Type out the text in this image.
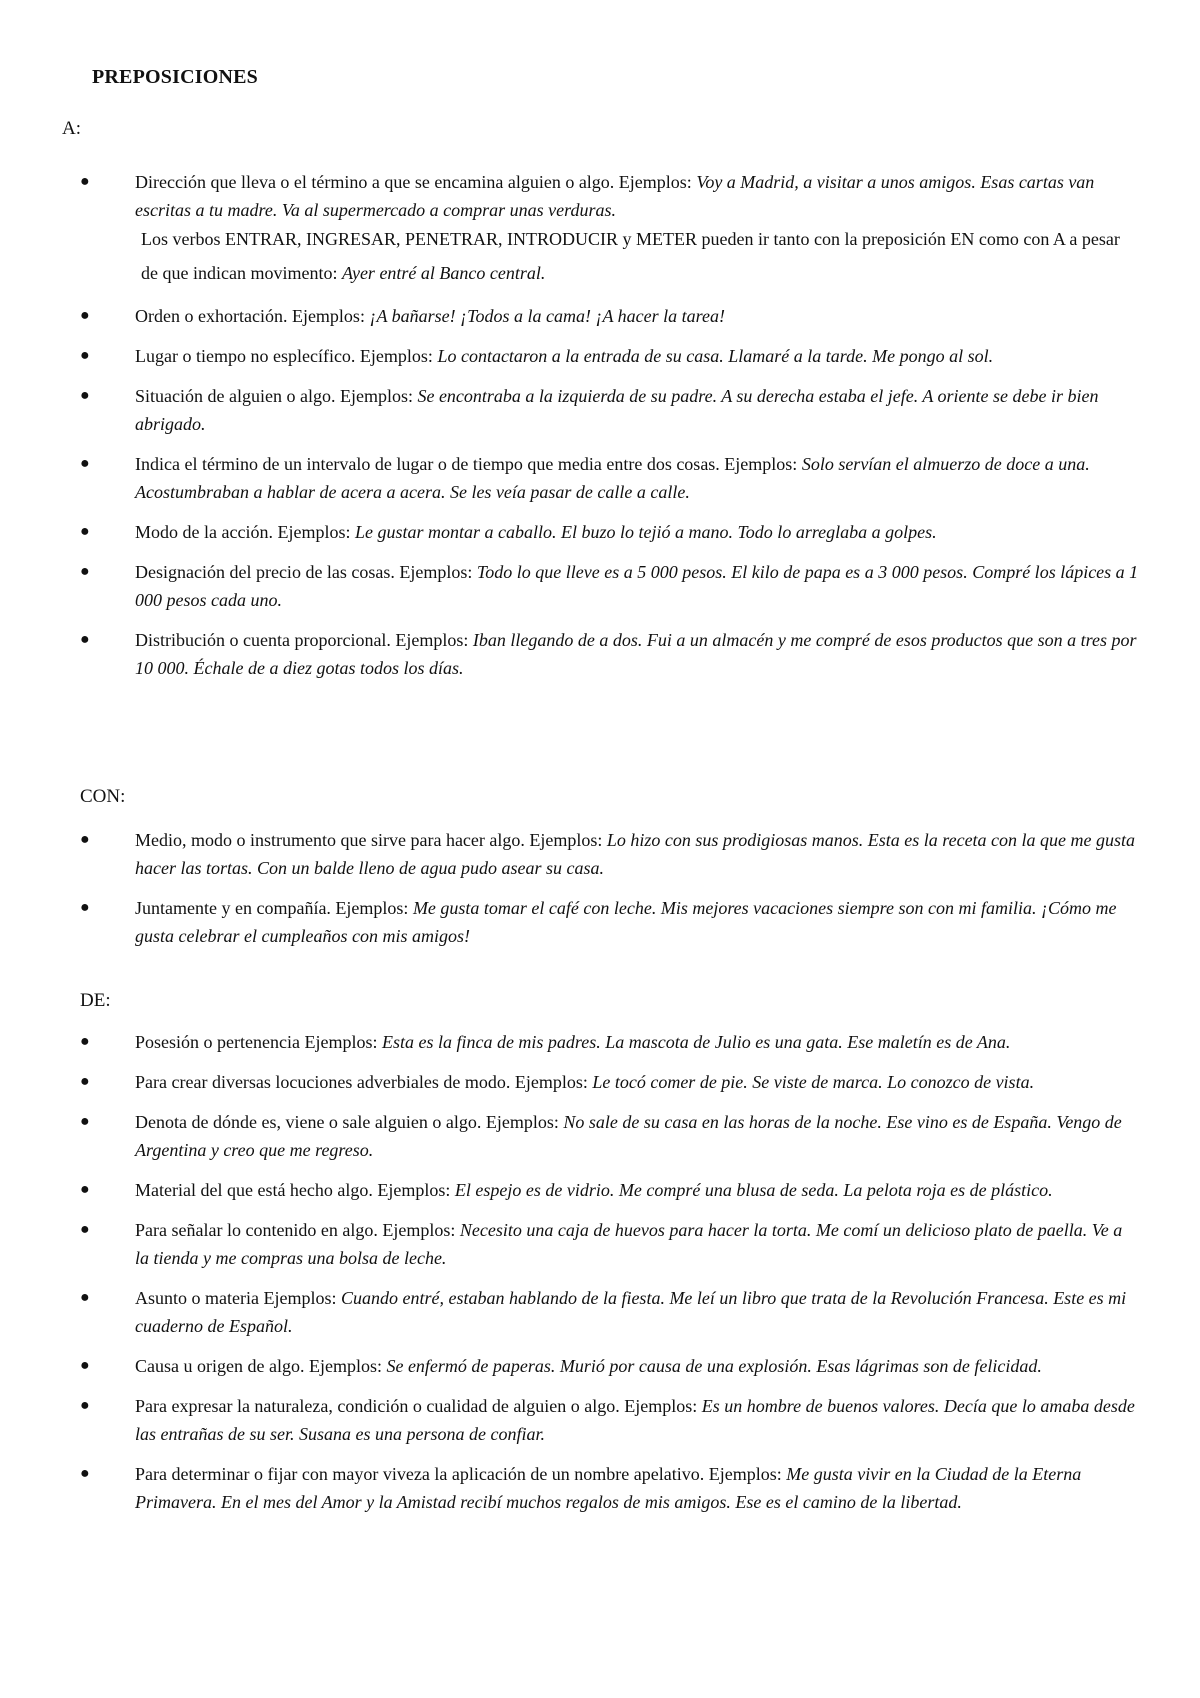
PREPOSICIONES
A:
●	Dirección que lleva o el término a que se encamina alguien o algo. Ejemplos: Voy a Madrid, a visitar a unos amigos. Esas cartas van escritas a tu madre. Va al supermercado a comprar unas verduras.
Los verbos ENTRAR, INGRESAR, PENETRAR, INTRODUCIR y METER pueden ir tanto con la preposición EN como con A a pesar de que indican movimento: Ayer entré al Banco central.
●	Orden o exhortación. Ejemplos: ¡A bañarse! ¡Todos a la cama! ¡A hacer la tarea!
●	Lugar o tiempo no esplecífico. Ejemplos: Lo contactaron a la entrada de su casa. Llamaré a la tarde. Me pongo al sol.
●	Situación de alguien o algo. Ejemplos: Se encontraba a la izquierda de su padre. A su derecha estaba el jefe. A oriente se debe ir bien abrigado.
●	Indica el término de un intervalo de lugar o de tiempo que media entre dos cosas. Ejemplos: Solo servían el almuerzo de doce a una. Acostumbraban a hablar de acera a acera. Se les veía pasar de calle a calle.
●	Modo de la acción. Ejemplos: Le gustar montar a caballo. El buzo lo tejió a mano. Todo lo arreglaba a golpes.
●	Designación del precio de las cosas. Ejemplos: Todo lo que lleve es a 5 000 pesos. El kilo de papa es a 3 000 pesos. Compré los lápices a 1 000 pesos cada uno.
●	Distribución o cuenta proporcional. Ejemplos: Iban llegando de a dos. Fui a un almacén y me compré de esos productos que son a tres por 10 000. Échale de a diez gotas todos los días.
CON:
●	Medio, modo o instrumento que sirve para hacer algo. Ejemplos: Lo hizo con sus prodigiosas manos. Esta es la receta con la que me gusta hacer las tortas. Con un balde lleno de agua pudo asear su casa.
●	Juntamente y en compañía. Ejemplos: Me gusta tomar el café con leche. Mis mejores vacaciones siempre son con mi familia. ¡Cómo me gusta celebrar el cumpleaños con mis amigos!
DE:
●	Posesión o pertenencia Ejemplos: Esta es la finca de mis padres. La mascota de Julio es una gata. Ese maletín es de Ana.
●	Para crear diversas locuciones adverbiales de modo. Ejemplos: Le tocó comer de pie. Se viste de marca. Lo conozco de vista.
●	Denota de dónde es, viene o sale alguien o algo. Ejemplos: No sale de su casa en las horas de la noche. Ese vino es de España. Vengo de Argentina y creo que me regreso.
●	Material del que está hecho algo. Ejemplos: El espejo es de vidrio. Me compré una blusa de seda. La pelota roja es de plástico.
●	Para señalar lo contenido en algo. Ejemplos: Necesito una caja de huevos para hacer la torta. Me comí un delicioso plato de paella. Ve a la tienda y me compras una bolsa de leche.
●	Asunto o materia Ejemplos: Cuando entré, estaban hablando de la fiesta. Me leí un libro que trata de la Revolución Francesa. Este es mi cuaderno de Español.
●	Causa u origen de algo. Ejemplos: Se enfermó de paperas. Murió por causa de una explosión. Esas lágrimas son de felicidad.
●	Para expresar la naturaleza, condición o cualidad de alguien o algo. Ejemplos: Es un hombre de buenos valores. Decía que lo amaba desde las entrañas de su ser. Susana es una persona de confiar.
●	Para determinar o fijar con mayor viveza la aplicación de un nombre apelativo. Ejemplos: Me gusta vivir en la Ciudad de la Eterna Primavera. En el mes del Amor y la Amistad recibí muchos regalos de mis amigos. Ese es el camino de la libertad.
